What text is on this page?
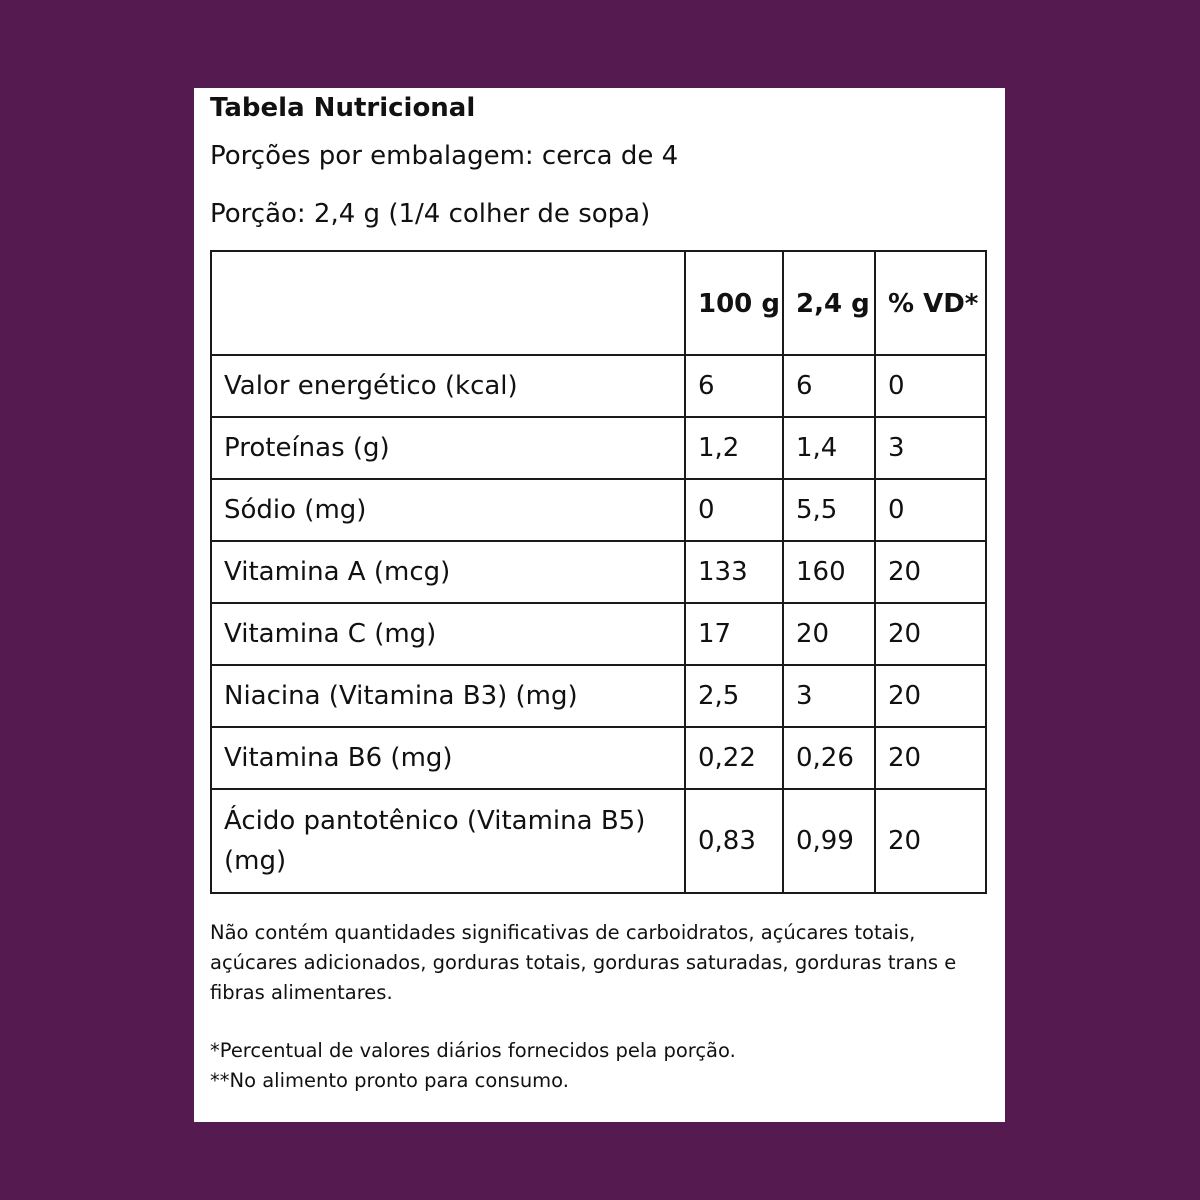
Tabela Nutricional
Porções por embalagem: cerca de 4
Porção: 2,4 g (1/4 colher de sopa)
	100 g	2,4 g	% VD*
Valor energético (kcal)	6	6	0
Proteínas (g)	1,2	1,4	3
Sódio (mg)	0	5,5	0
Vitamina A (mcg)	133	160	20
Vitamina C (mg)	17	20	20
Niacina (Vitamina B3) (mg)	2,5	3	20
Vitamina B6 (mg)	0,22	0,26	20
Ácido pantotênico (Vitamina B5) (mg)	0,83	0,99	20

Não contém quantidades significativas de carboidratos, açúcares totais, açúcares adicionados, gorduras totais, gorduras saturadas, gorduras trans e fibras alimentares.

*Percentual de valores diários fornecidos pela porção.

**No alimento pronto para consumo.
